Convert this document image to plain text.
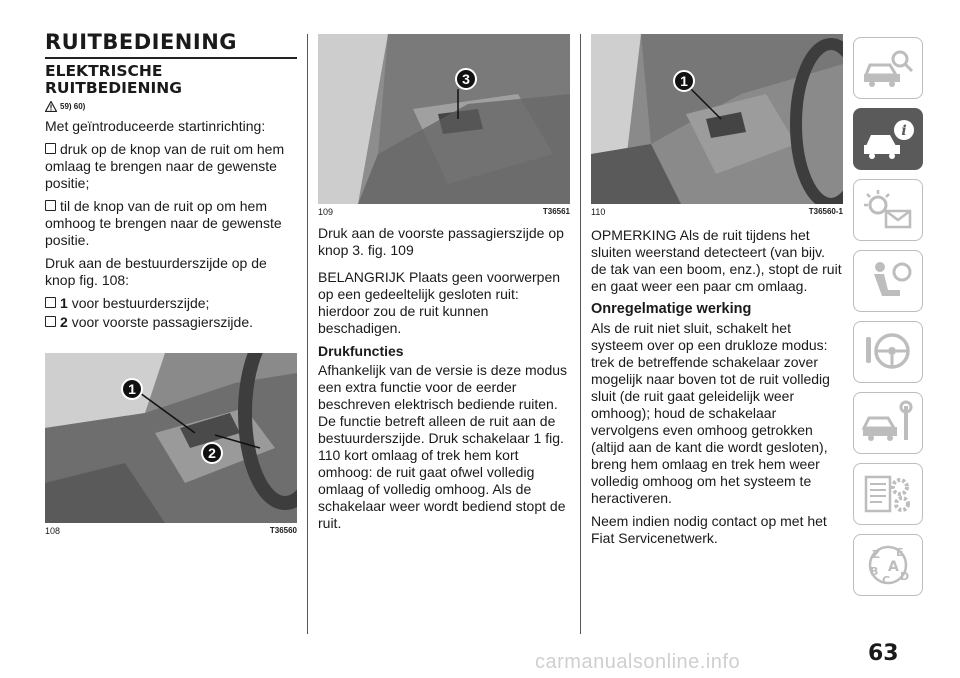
RUITBEDIENING
ELEKTRISCHE RUITBEDIENING
59) 60)

Met geïntroduceerde startinrichting:

druk op de knop van de ruit om hem omlaag te brengen naar de gewenste positie;

til de knop van de ruit op om hem omhoog te brengen naar de gewenste positie.

Druk aan de bestuurderszijde op de knop fig. 108:

1 voor bestuurderszijde;

2 voor voorste passagierszijde.

1
2
108	T36560
3
109	T36561

Druk aan de voorste passagierszijde op knop 3. fig. 109

BELANGRIJK Plaats geen voorwerpen op een gedeeltelijk gesloten ruit: hierdoor zou de ruit kunnen beschadigen.

Drukfuncties

Afhankelijk van de versie is deze modus een extra functie voor de eerder beschreven elektrisch bediende ruiten. De functie betreft alleen de ruit aan de bestuurderszijde. Druk schakelaar 1 fig. 110 kort omlaag of trek hem kort omhoog: de ruit gaat ofwel volledig omlaag of volledig omhoog. Als de schakelaar weer wordt bediend stopt de ruit.

1
110	T36560-1

OPMERKING Als de ruit tijdens het sluiten weerstand detecteert (van bijv. de tak van een boom, enz.), stopt de ruit en gaat weer een paar cm omlaag.

Onregelmatige werking

Als de ruit niet sluit, schakelt het systeem over op een drukloze modus: trek de betreffende schakelaar zover mogelijk naar boven tot de ruit volledig sluit (de ruit gaat geleidelijk weer omhoog); houd de schakelaar vervolgens even omhoog getrokken (altijd aan de kant die wordt gesloten), breng hem omlaag en trek hem weer volledig omhoog om het systeem te heractiveren.

Neem indien nodig contact op met het Fiat Servicenetwerk.

i
Z E
B A
C D
63
carmanualsonline.info
